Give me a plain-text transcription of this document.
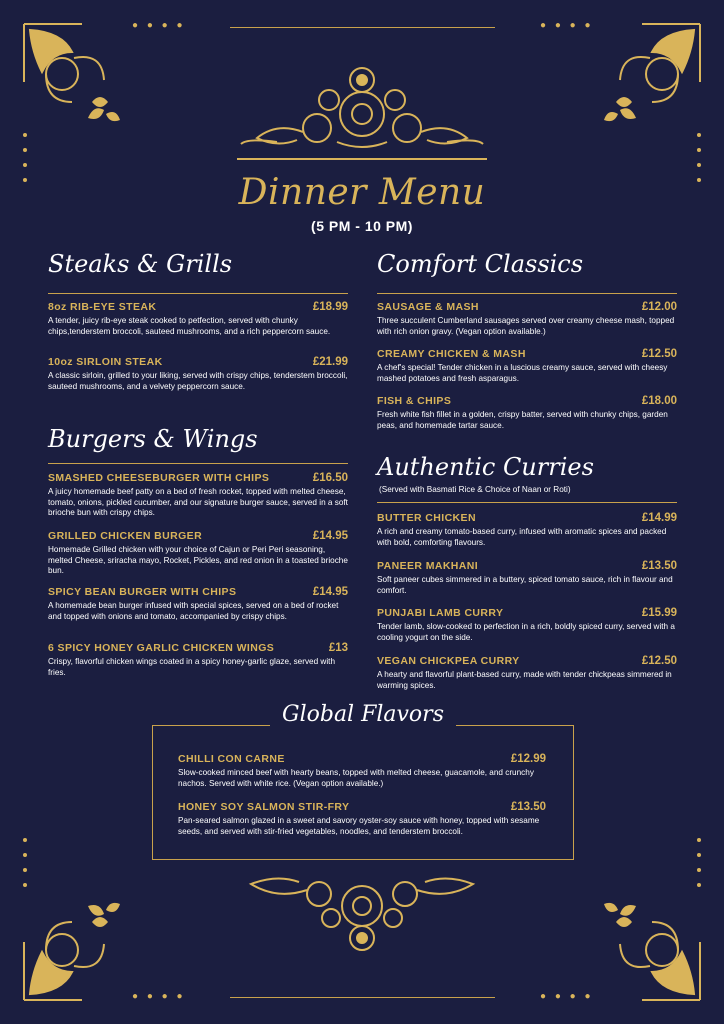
● ● ● ●	● ● ● ●
● ● ● ●	● ● ● ●
Dinner Menu
(5 PM - 10 PM)
Steaks & Grills
8oz RIB-EYE STEAK	£18.99
A tender, juicy rib-eye steak cooked to petfection, served with chunky chips,tenderstem broccoli, sauteed mushrooms, and a rich peppercorn sauce.
10oz SIRLOIN STEAK	£21.99
A classic sirloin, grilled to your liking, served with crispy chips, tenderstem broccoli, sauteed mushrooms, and a velvety peppercorn sauce.
Burgers & Wings
SMASHED CHEESEBURGER WITH CHIPS	£16.50
A juicy homemade beef patty on a bed of fresh rocket, topped with melted cheese, tomato, onions, pickled cucumber, and our signature burger sauce, served in a soft brioche bun with crispy chips.
GRILLED CHICKEN BURGER	£14.95
Homemade Grilled chicken with your choice of Cajun or Peri Peri seasoning, melted Cheese, sriracha mayo, Rocket, Pickles, and red onion in a toasted brioche bun.
SPICY BEAN BURGER WITH CHIPS	£14.95
A homemade bean burger infused with special spices, served on a bed of rocket and topped with onions and tomato, accompanied by crispy chips.
6 SPICY HONEY GARLIC CHICKEN WINGS	£13
Crispy, flavorful chicken wings coated in a spicy honey-garlic glaze, served with fries.
Comfort Classics
SAUSAGE & MASH	£12.00
Three succulent Cumberland sausages served over creamy cheese mash, topped with rich onion gravy. (Vegan option available.)
CREAMY CHICKEN & MASH	£12.50
A chef's special! Tender chicken in a luscious creamy sauce, served with cheesy mashed potatoes and fresh asparagus.
FISH & CHIPS	£18.00
Fresh white fish fillet in a golden, crispy batter, served with chunky chips, garden peas, and homemade tartar sauce.
Authentic Curries
(Served with Basmati Rice & Choice of Naan or Roti)
BUTTER CHICKEN	£14.99
A rich and creamy tomato-based curry, infused with aromatic spices and packed with bold, comforting flavours.
PANEER MAKHANI	£13.50
Soft paneer cubes simmered in a buttery, spiced tomato sauce, rich in flavour and comfort.
PUNJABI LAMB CURRY	£15.99
Tender lamb, slow-cooked to perfection in a rich, boldly spiced curry, served with a cooling yogurt on the side.
VEGAN CHICKPEA CURRY	£12.50
A hearty and flavorful plant-based curry, made with tender chickpeas simmered in warming spices.
Global Flavors
CHILLI CON CARNE	£12.99
Slow-cooked minced beef with hearty beans, topped with melted cheese, guacamole, and crunchy nachos. Served with white rice. (Vegan option available.)
HONEY SOY SALMON STIR-FRY	£13.50
Pan-seared salmon glazed in a sweet and savory oyster-soy sauce with honey, topped with sesame seeds, and served with stir-fried vegetables, noodles, and tenderstem broccoli.
